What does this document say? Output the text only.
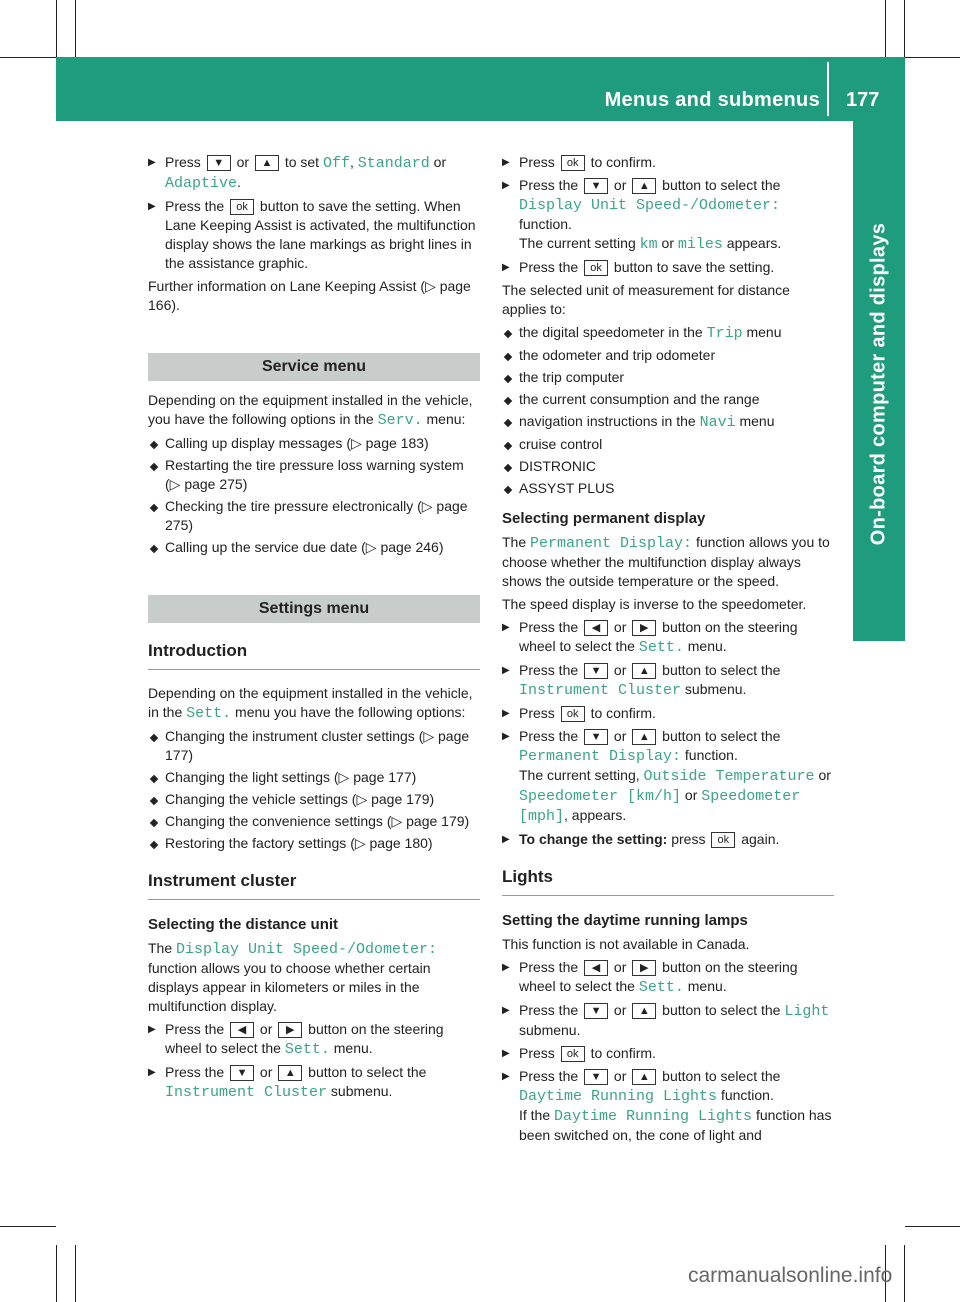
Menus and submenus 177
On-board computer and displays
▶ Press ▼ or ▲ to set Off, Standard or Adaptive.
▶ Press the ok button to save the setting. When Lane Keeping Assist is activated, the multifunction display shows the lane markings as bright lines in the assistance graphic.

Further information on Lane Keeping Assist (▷ page 166).

Service menu

Depending on the equipment installed in the vehicle, you have the following options in the Serv. menu:

Calling up display messages (▷ page 183)
Restarting the tire pressure loss warning system (▷ page 275)
Checking the tire pressure electronically (▷ page 275)
Calling up the service due date (▷ page 246)
Settings menu
Introduction

Depending on the equipment installed in the vehicle, in the Sett. menu you have the following options:

Changing the instrument cluster settings (▷ page 177)
Changing the light settings (▷ page 177)
Changing the vehicle settings (▷ page 179)
Changing the convenience settings (▷ page 179)
Restoring the factory settings (▷ page 180)
Instrument cluster
Selecting the distance unit

The Display Unit Speed-/Odometer: function allows you to choose whether certain displays appear in kilometers or miles in the multifunction display.

▶ Press the ◀ or ▶ button on the steering wheel to select the Sett. menu.
▶ Press the ▼ or ▲ button to select the Instrument Cluster submenu.
▶ Press ok to confirm.
▶ Press the ▼ or ▲ button to select the Display Unit Speed-/Odometer: function.
The current setting km or miles appears.
▶ Press the ok button to save the setting.

The selected unit of measurement for distance applies to:

the digital speedometer in the Trip menu
the odometer and trip odometer
the trip computer
the current consumption and the range
navigation instructions in the Navi menu
cruise control
DISTRONIC
ASSYST PLUS
Selecting permanent display

The Permanent Display: function allows you to choose whether the multifunction display always shows the outside temperature or the speed.

The speed display is inverse to the speedometer.

▶ Press the ◀ or ▶ button on the steering wheel to select the Sett. menu.
▶ Press the ▼ or ▲ button to select the Instrument Cluster submenu.
▶ Press ok to confirm.
▶ Press the ▼ or ▲ button to select the Permanent Display: function.
The current setting, Outside Temperature or Speedometer [km/h] or Speedometer [mph], appears.
▶ To change the setting: press ok again.
Lights
Setting the daytime running lamps

This function is not available in Canada.

▶ Press the ◀ or ▶ button on the steering wheel to select the Sett. menu.
▶ Press the ▼ or ▲ button to select the Light submenu.
▶ Press ok to confirm.
▶ Press the ▼ or ▲ button to select the Daytime Running Lights function.
If the Daytime Running Lights function has been switched on, the cone of light and
carmanualsonline.info
